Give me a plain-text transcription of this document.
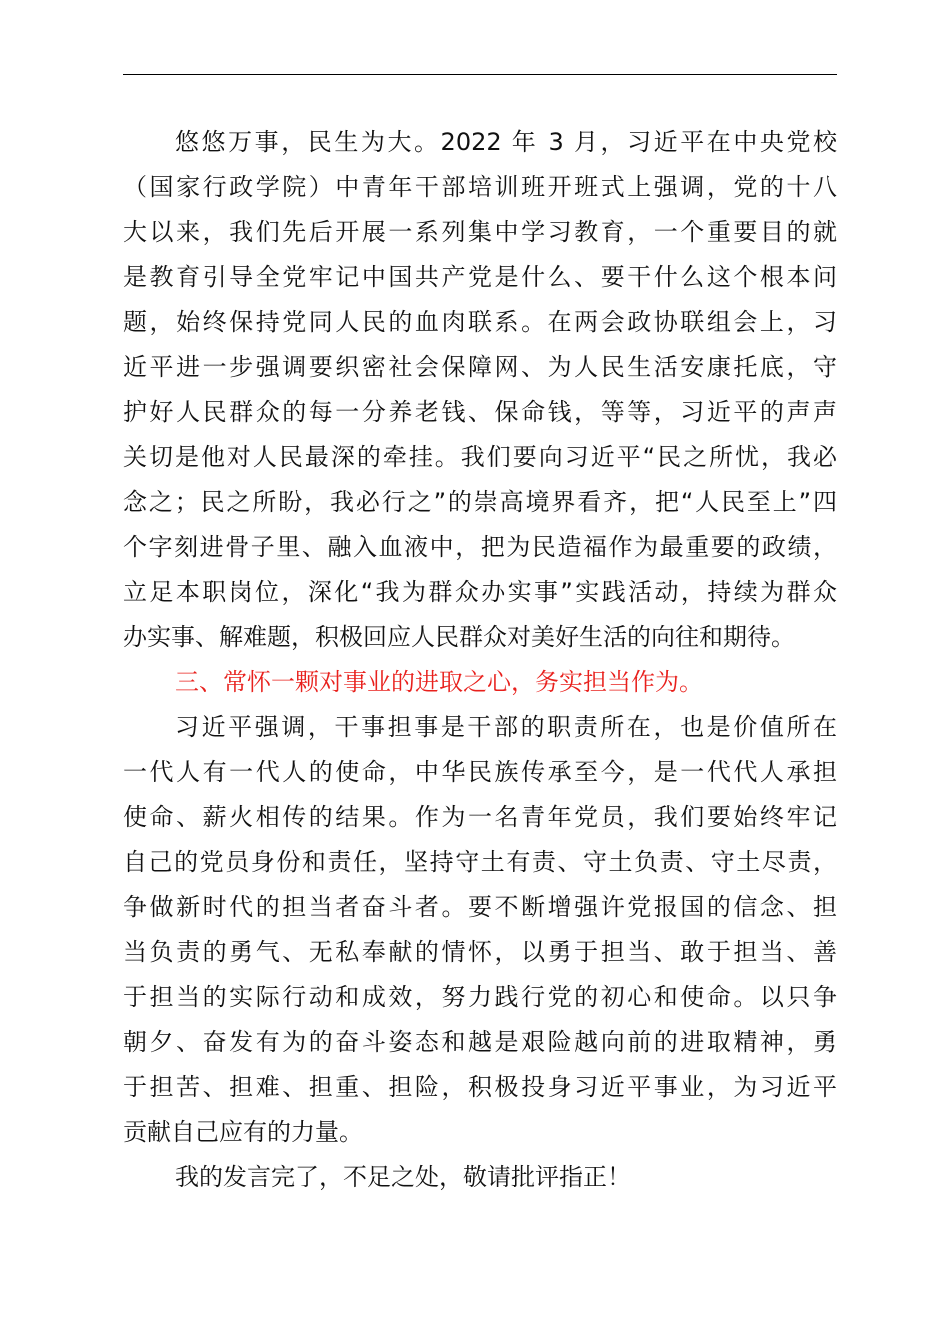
悠悠万事，民生为大。2022 年 3 月，习近平在中央党校
（国家行政学院）中青年干部培训班开班式上强调，党的十八
大以来，我们先后开展一系列集中学习教育，一个重要目的就
是教育引导全党牢记中国共产党是什么、要干什么这个根本问
题，始终保持党同人民的血肉联系。在两会政协联组会上，习
近平进一步强调要织密社会保障网、为人民生活安康托底，守
护好人民群众的每一分养老钱、保命钱，等等，习近平的声声
关切是他对人民最深的牵挂。我们要向习近平“民之所忧，我必
念之；民之所盼，我必行之”的崇高境界看齐，把“人民至上”四
个字刻进骨子里、融入血液中，把为民造福作为最重要的政绩，
立足本职岗位，深化“我为群众办实事”实践活动，持续为群众
办实事、解难题，积极回应人民群众对美好生活的向往和期待。
三、常怀一颗对事业的进取之心，务实担当作为。
习近平强调，干事担事是干部的职责所在，也是价值所在
一代人有一代人的使命，中华民族传承至今，是一代代人承担
使命、薪火相传的结果。作为一名青年党员，我们要始终牢记
自己的党员身份和责任，坚持守土有责、守土负责、守土尽责，
争做新时代的担当者奋斗者。要不断增强许党报国的信念、担
当负责的勇气、无私奉献的情怀，以勇于担当、敢于担当、善
于担当的实际行动和成效，努力践行党的初心和使命。以只争
朝夕、奋发有为的奋斗姿态和越是艰险越向前的进取精神，勇
于担苦、担难、担重、担险，积极投身习近平事业，为习近平
贡献自己应有的力量。
我的发言完了，不足之处，敬请批评指正！
